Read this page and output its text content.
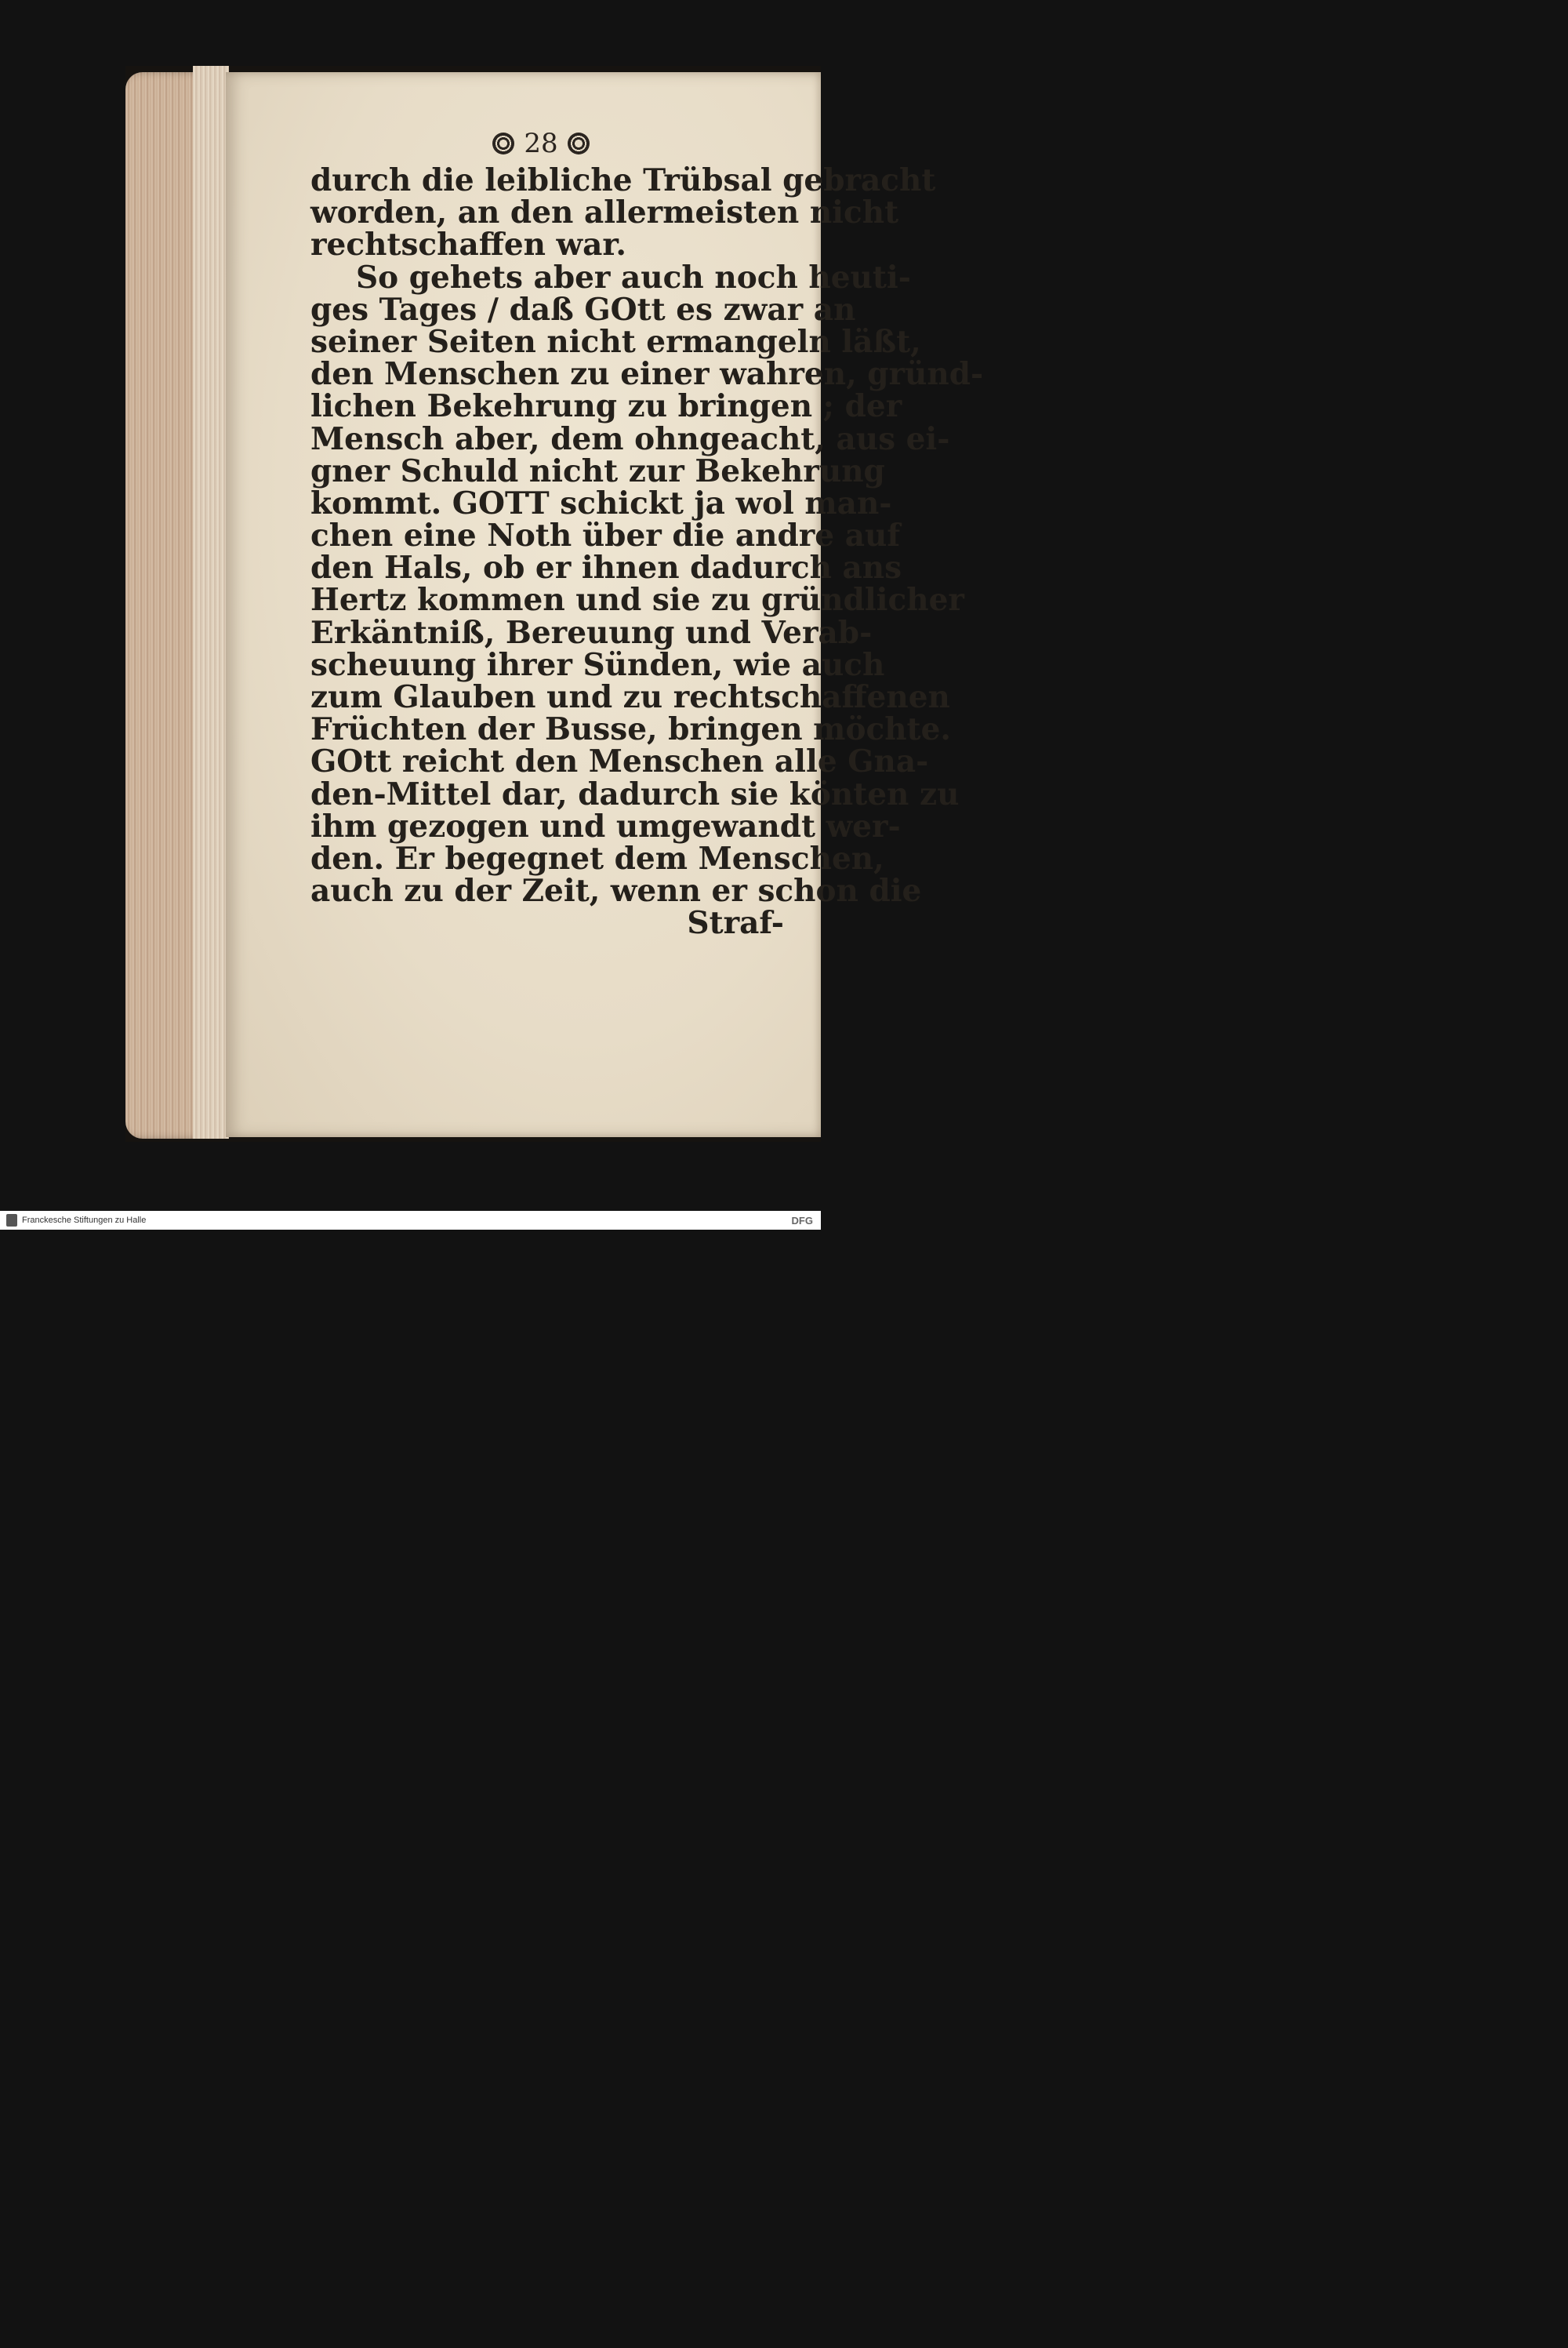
28
durch die leibliche Trübsal gebracht
worden, an den allermeisten nicht
rechtschaffen war.
So gehets aber auch noch heuti-
ges Tages / daß GOtt es zwar an
seiner Seiten nicht ermangeln läßt,
den Menschen zu einer wahren, gründ-
lichen Bekehrung zu bringen ; der
Mensch aber, dem ohngeacht, aus ei-
gner Schuld nicht zur Bekehrung
kommt. GOTT schickt ja wol man-
chen eine Noth über die andre auf
den Hals, ob er ihnen dadurch ans
Hertz kommen und sie zu gründlicher
Erkäntniß, Bereuung und Verab-
scheuung ihrer Sünden, wie auch
zum Glauben und zu rechtschaffenen
Früchten der Busse, bringen möchte.
GOtt reicht den Menschen alle Gna-
den-Mittel dar, dadurch sie könten zu
ihm gezogen und umgewandt wer-
den. Er begegnet dem Menschen,
auch zu der Zeit, wenn er schon die
Straf-
Franckesche Stiftungen zu Halle	DFG
